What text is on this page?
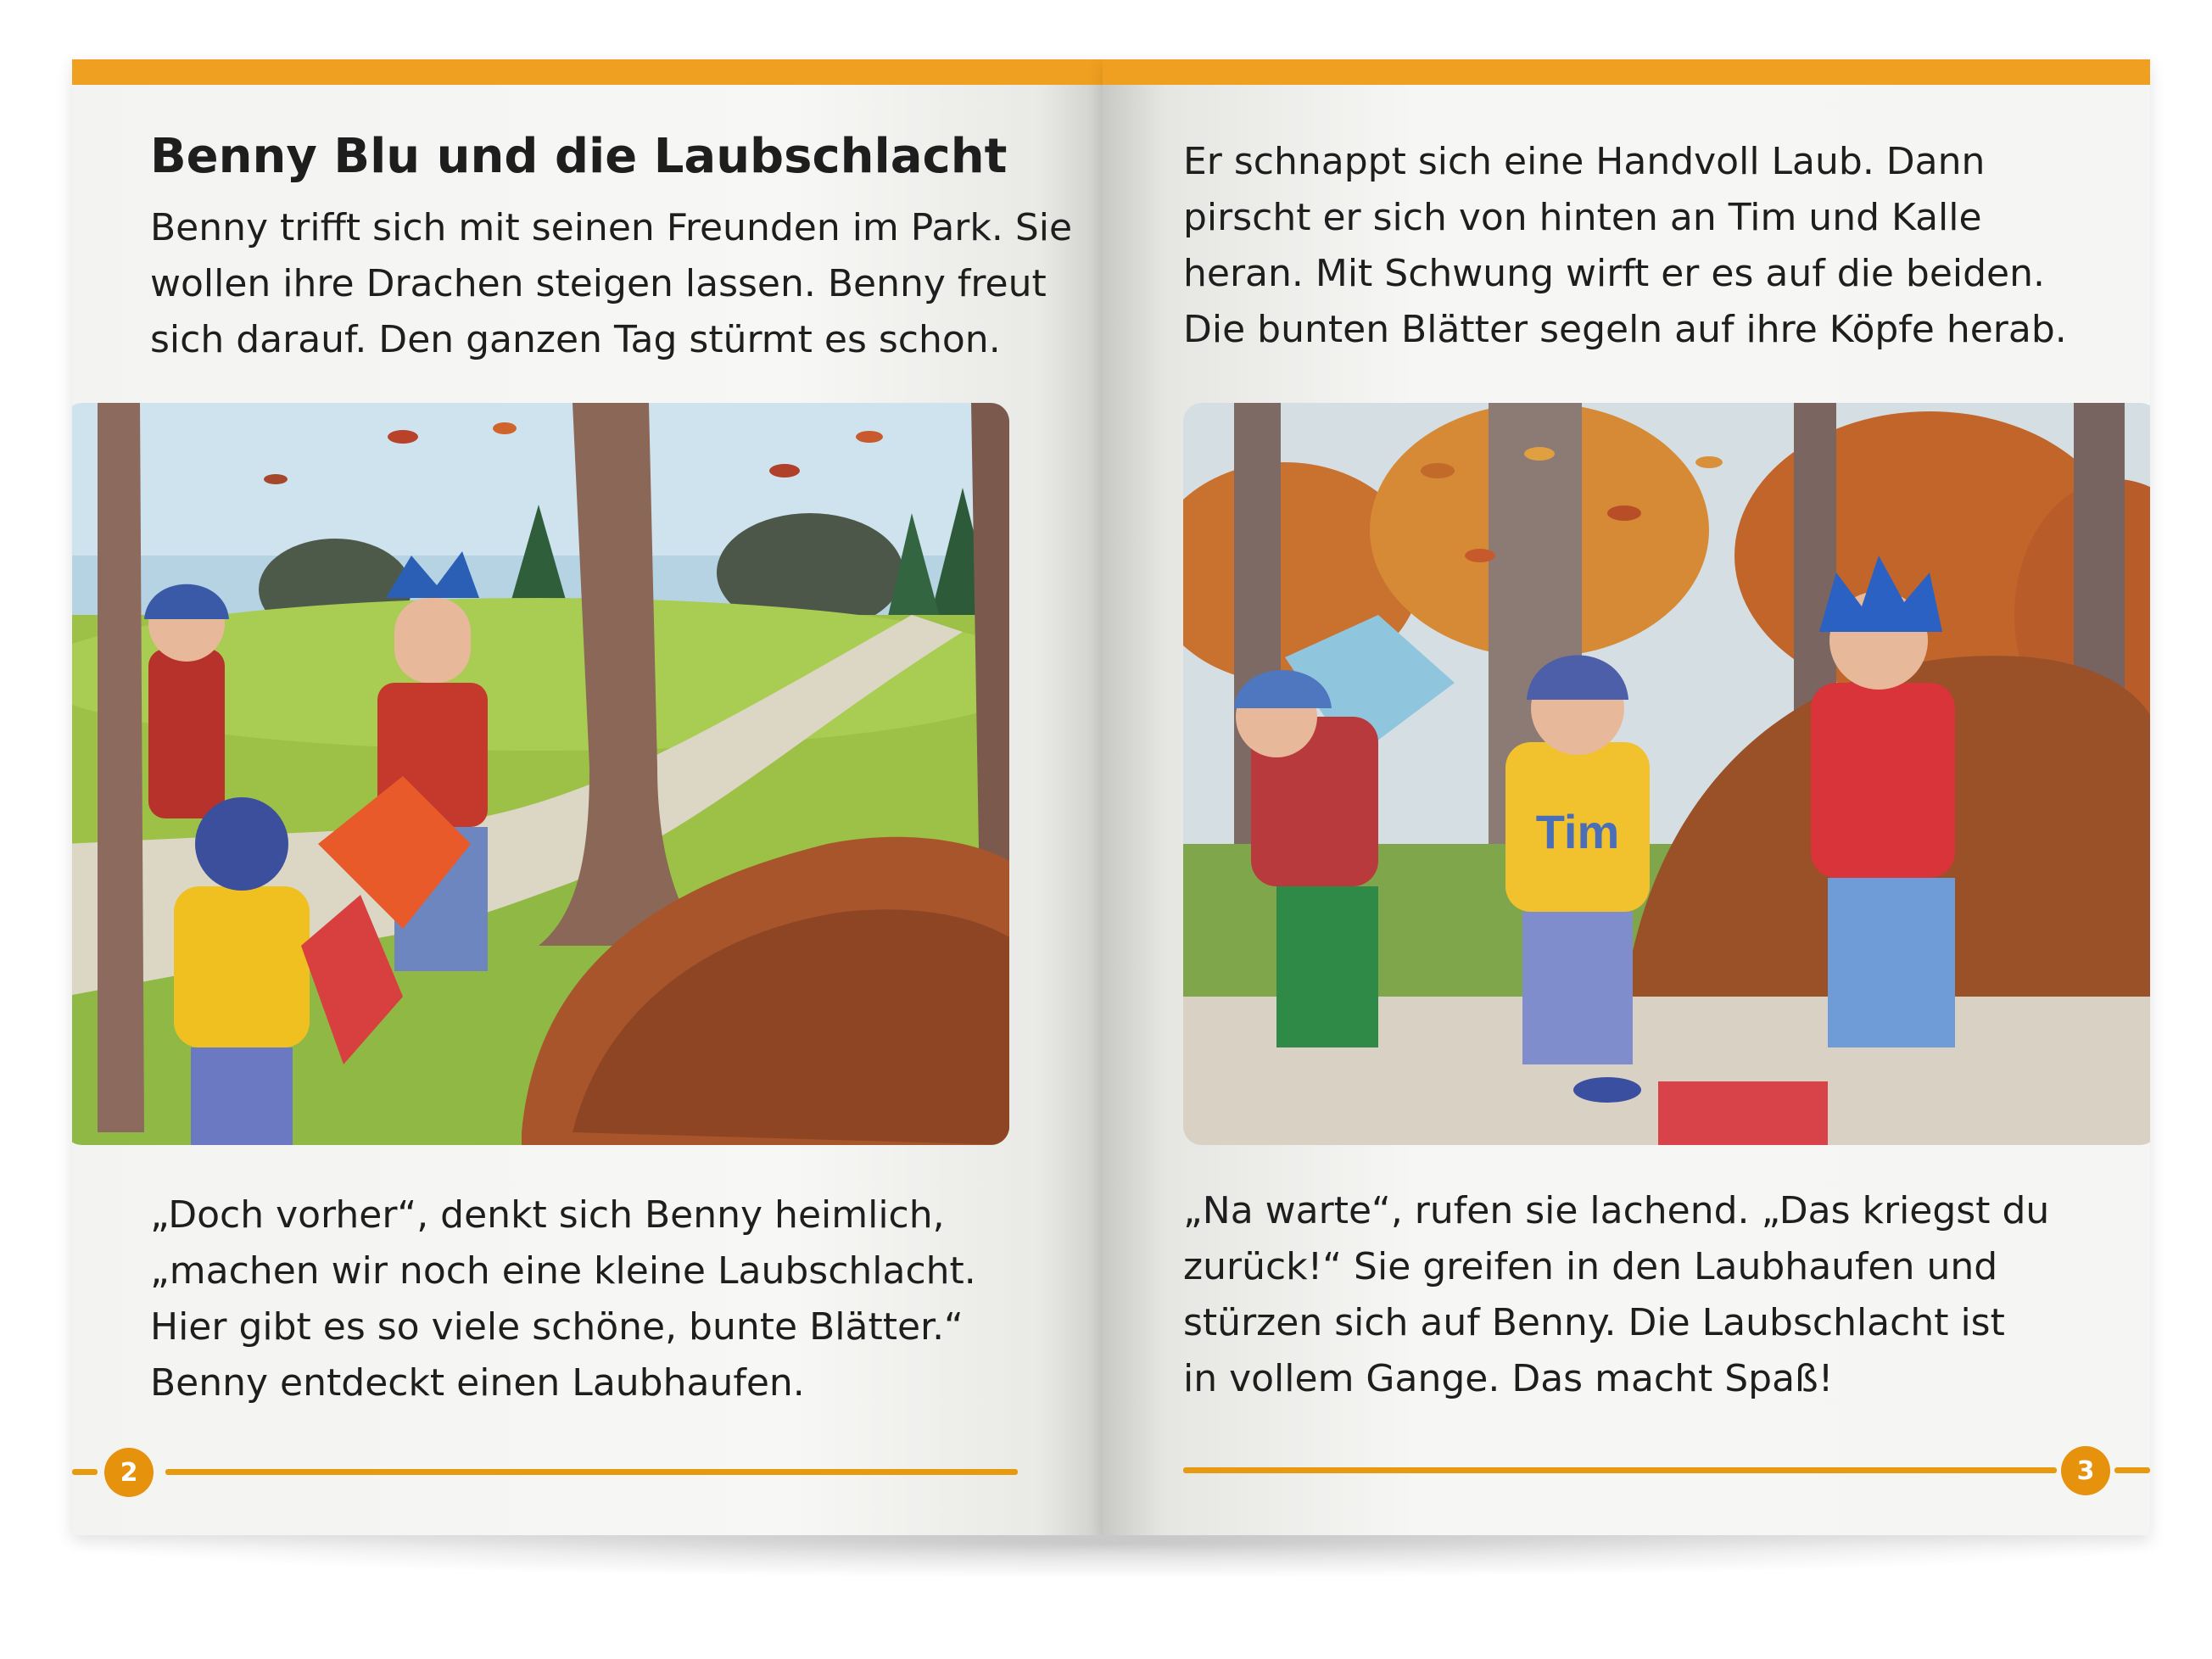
Benny Blu und die Laubschlacht
Benny trifft sich mit seinen Freunden im Park. Sie
wollen ihre Drachen steigen lassen. Benny freut
sich darauf. Den ganzen Tag stürmt es schon.
„Doch vorher“, denkt sich Benny heimlich,
„machen wir noch eine kleine Laubschlacht.
Hier gibt es so viele schöne, bunte Blätter.“
Benny entdeckt einen Laubhaufen.
2
Er schnappt sich eine Handvoll Laub. Dann
pirscht er sich von hinten an Tim und Kalle
heran. Mit Schwung wirft er es auf die beiden.
Die bunten Blätter segeln auf ihre Köpfe herab.
Tim
„Na warte“, rufen sie lachend. „Das kriegst du
zurück!“ Sie greifen in den Laubhaufen und
stürzen sich auf Benny. Die Laubschlacht ist
in vollem Gange. Das macht Spaß!
3
